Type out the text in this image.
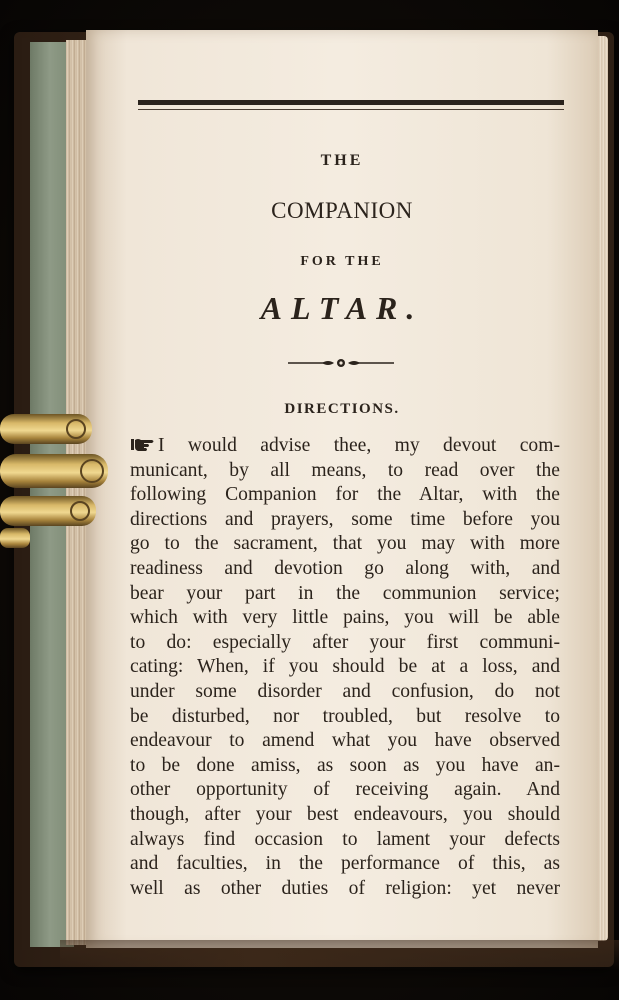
THE
COMPANION
FOR THE
ALTAR.
DIRECTIONS.
I would advise thee, my devout com-
municant, by all means, to read over the
following Companion for the Altar, with the
directions and prayers, some time before you
go to the sacrament, that you may with more
readiness and devotion go along with, and
bear your part in the communion service;
which with very little pains, you will be able
to do: especially after your first communi-
cating: When, if you should be at a loss, and
under some disorder and confusion, do not
be disturbed, nor troubled, but resolve to
endeavour to amend what you have observed
to be done amiss, as soon as you have an-
other opportunity of receiving again. And
though, after your best endeavours, you should
always find occasion to lament your defects
and faculties, in the performance of this, as
well as other duties of religion: yet never
